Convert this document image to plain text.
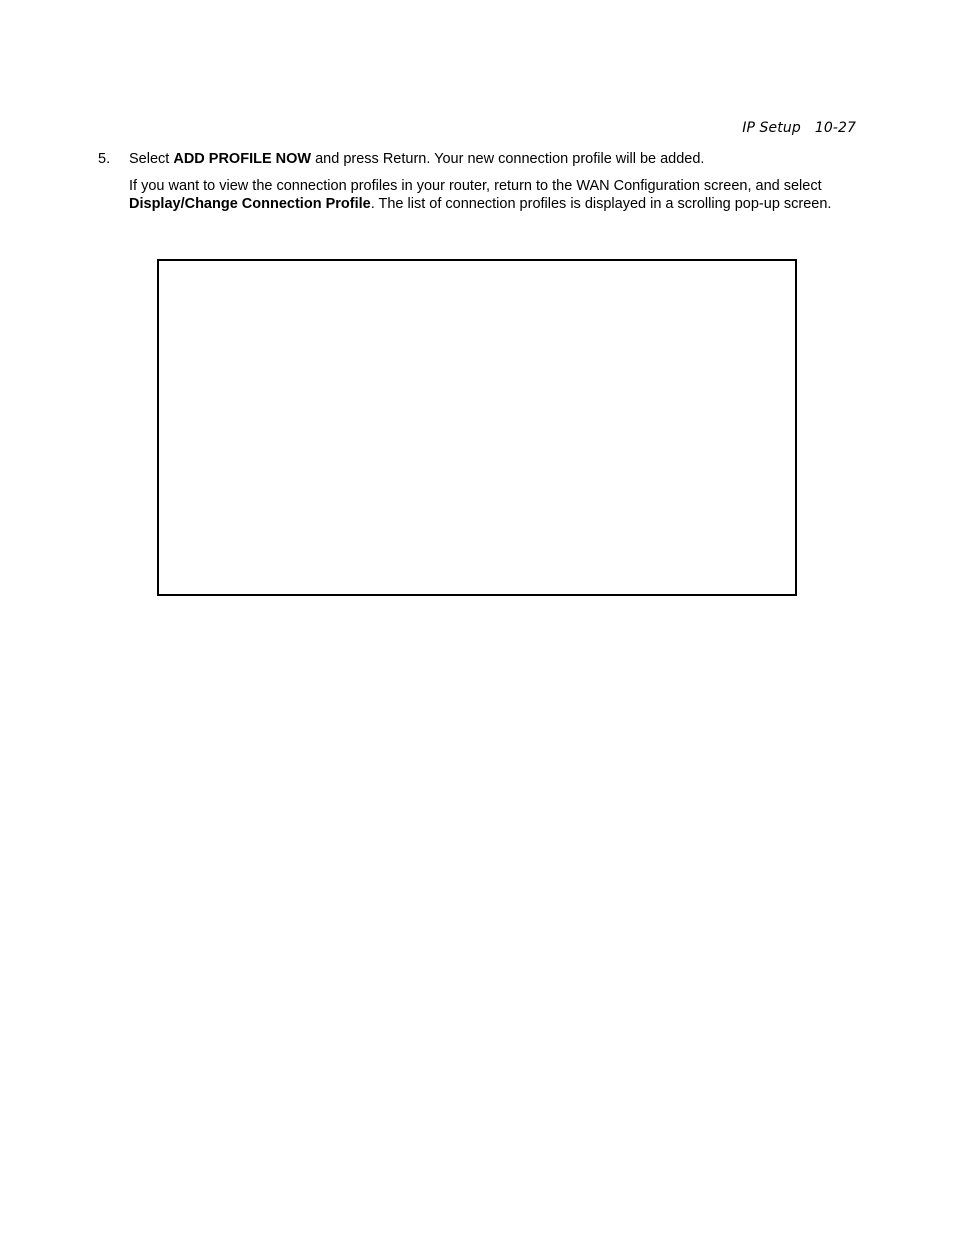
IP Setup 10-27
5. Select ADD PROFILE NOW and press Return. Your new connection profile will be added.
If you want to view the connection profiles in your router, return to the WAN Configuration screen, and select Display/Change Connection Profile. The list of connection profiles is displayed in a scrolling pop-up screen.
